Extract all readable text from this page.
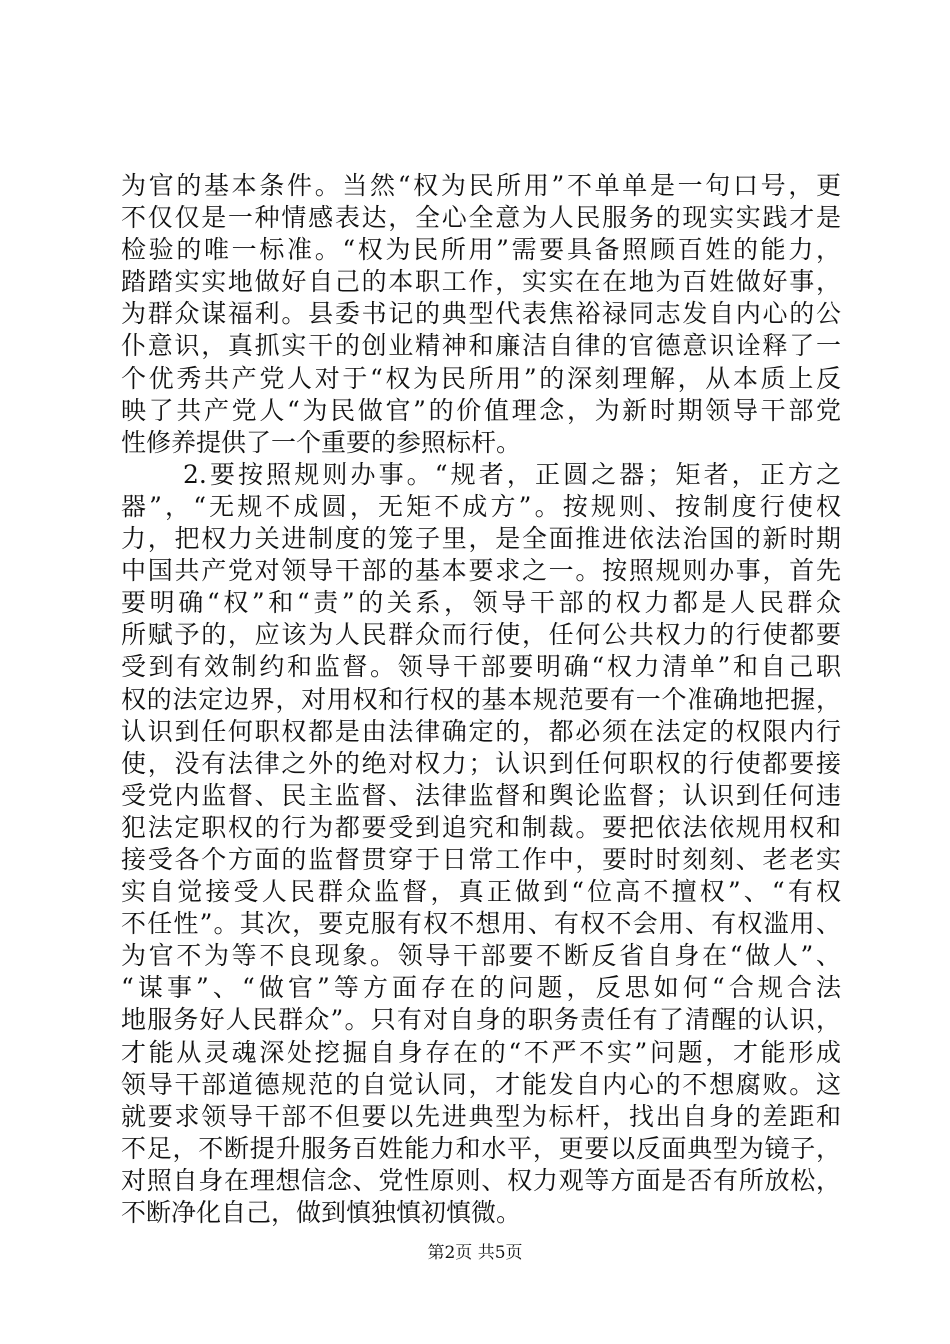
为官的基本条件。当然“权为民所用”不单单是一句口号，更
不仅仅是一种情感表达，全心全意为人民服务的现实实践才是
检验的唯一标准。“权为民所用”需要具备照顾百姓的能力，
踏踏实实地做好自己的本职工作，实实在在地为百姓做好事，
为群众谋福利。县委书记的典型代表焦裕禄同志发自内心的公
仆意识，真抓实干的创业精神和廉洁自律的官德意识诠释了一
个优秀共产党人对于“权为民所用”的深刻理解，从本质上反
映了共产党人“为民做官”的价值理念，为新时期领导干部党
性修养提供了一个重要的参照标杆。
2.要按照规则办事。“规者，正圆之器；矩者，正方之
器”，“无规不成圆，无矩不成方”。按规则、按制度行使权
力，把权力关进制度的笼子里，是全面推进依法治国的新时期
中国共产党对领导干部的基本要求之一。按照规则办事，首先
要明确“权”和“责”的关系，领导干部的权力都是人民群众
所赋予的，应该为人民群众而行使，任何公共权力的行使都要
受到有效制约和监督。领导干部要明确“权力清单”和自己职
权的法定边界，对用权和行权的基本规范要有一个准确地把握，
认识到任何职权都是由法律确定的，都必须在法定的权限内行
使，没有法律之外的绝对权力；认识到任何职权的行使都要接
受党内监督、民主监督、法律监督和舆论监督；认识到任何违
犯法定职权的行为都要受到追究和制裁。要把依法依规用权和
接受各个方面的监督贯穿于日常工作中，要时时刻刻、老老实
实自觉接受人民群众监督，真正做到“位高不擅权”、“有权
不任性”。其次，要克服有权不想用、有权不会用、有权滥用、
为官不为等不良现象。领导干部要不断反省自身在“做人”、
“谋事”、“做官”等方面存在的问题，反思如何“合规合法
地服务好人民群众”。只有对自身的职务责任有了清醒的认识，
才能从灵魂深处挖掘自身存在的“不严不实”问题，才能形成
领导干部道德规范的自觉认同，才能发自内心的不想腐败。这
就要求领导干部不但要以先进典型为标杆，找出自身的差距和
不足，不断提升服务百姓能力和水平，更要以反面典型为镜子，
对照自身在理想信念、党性原则、权力观等方面是否有所放松，
不断净化自己，做到慎独慎初慎微。
第2页 共5页
